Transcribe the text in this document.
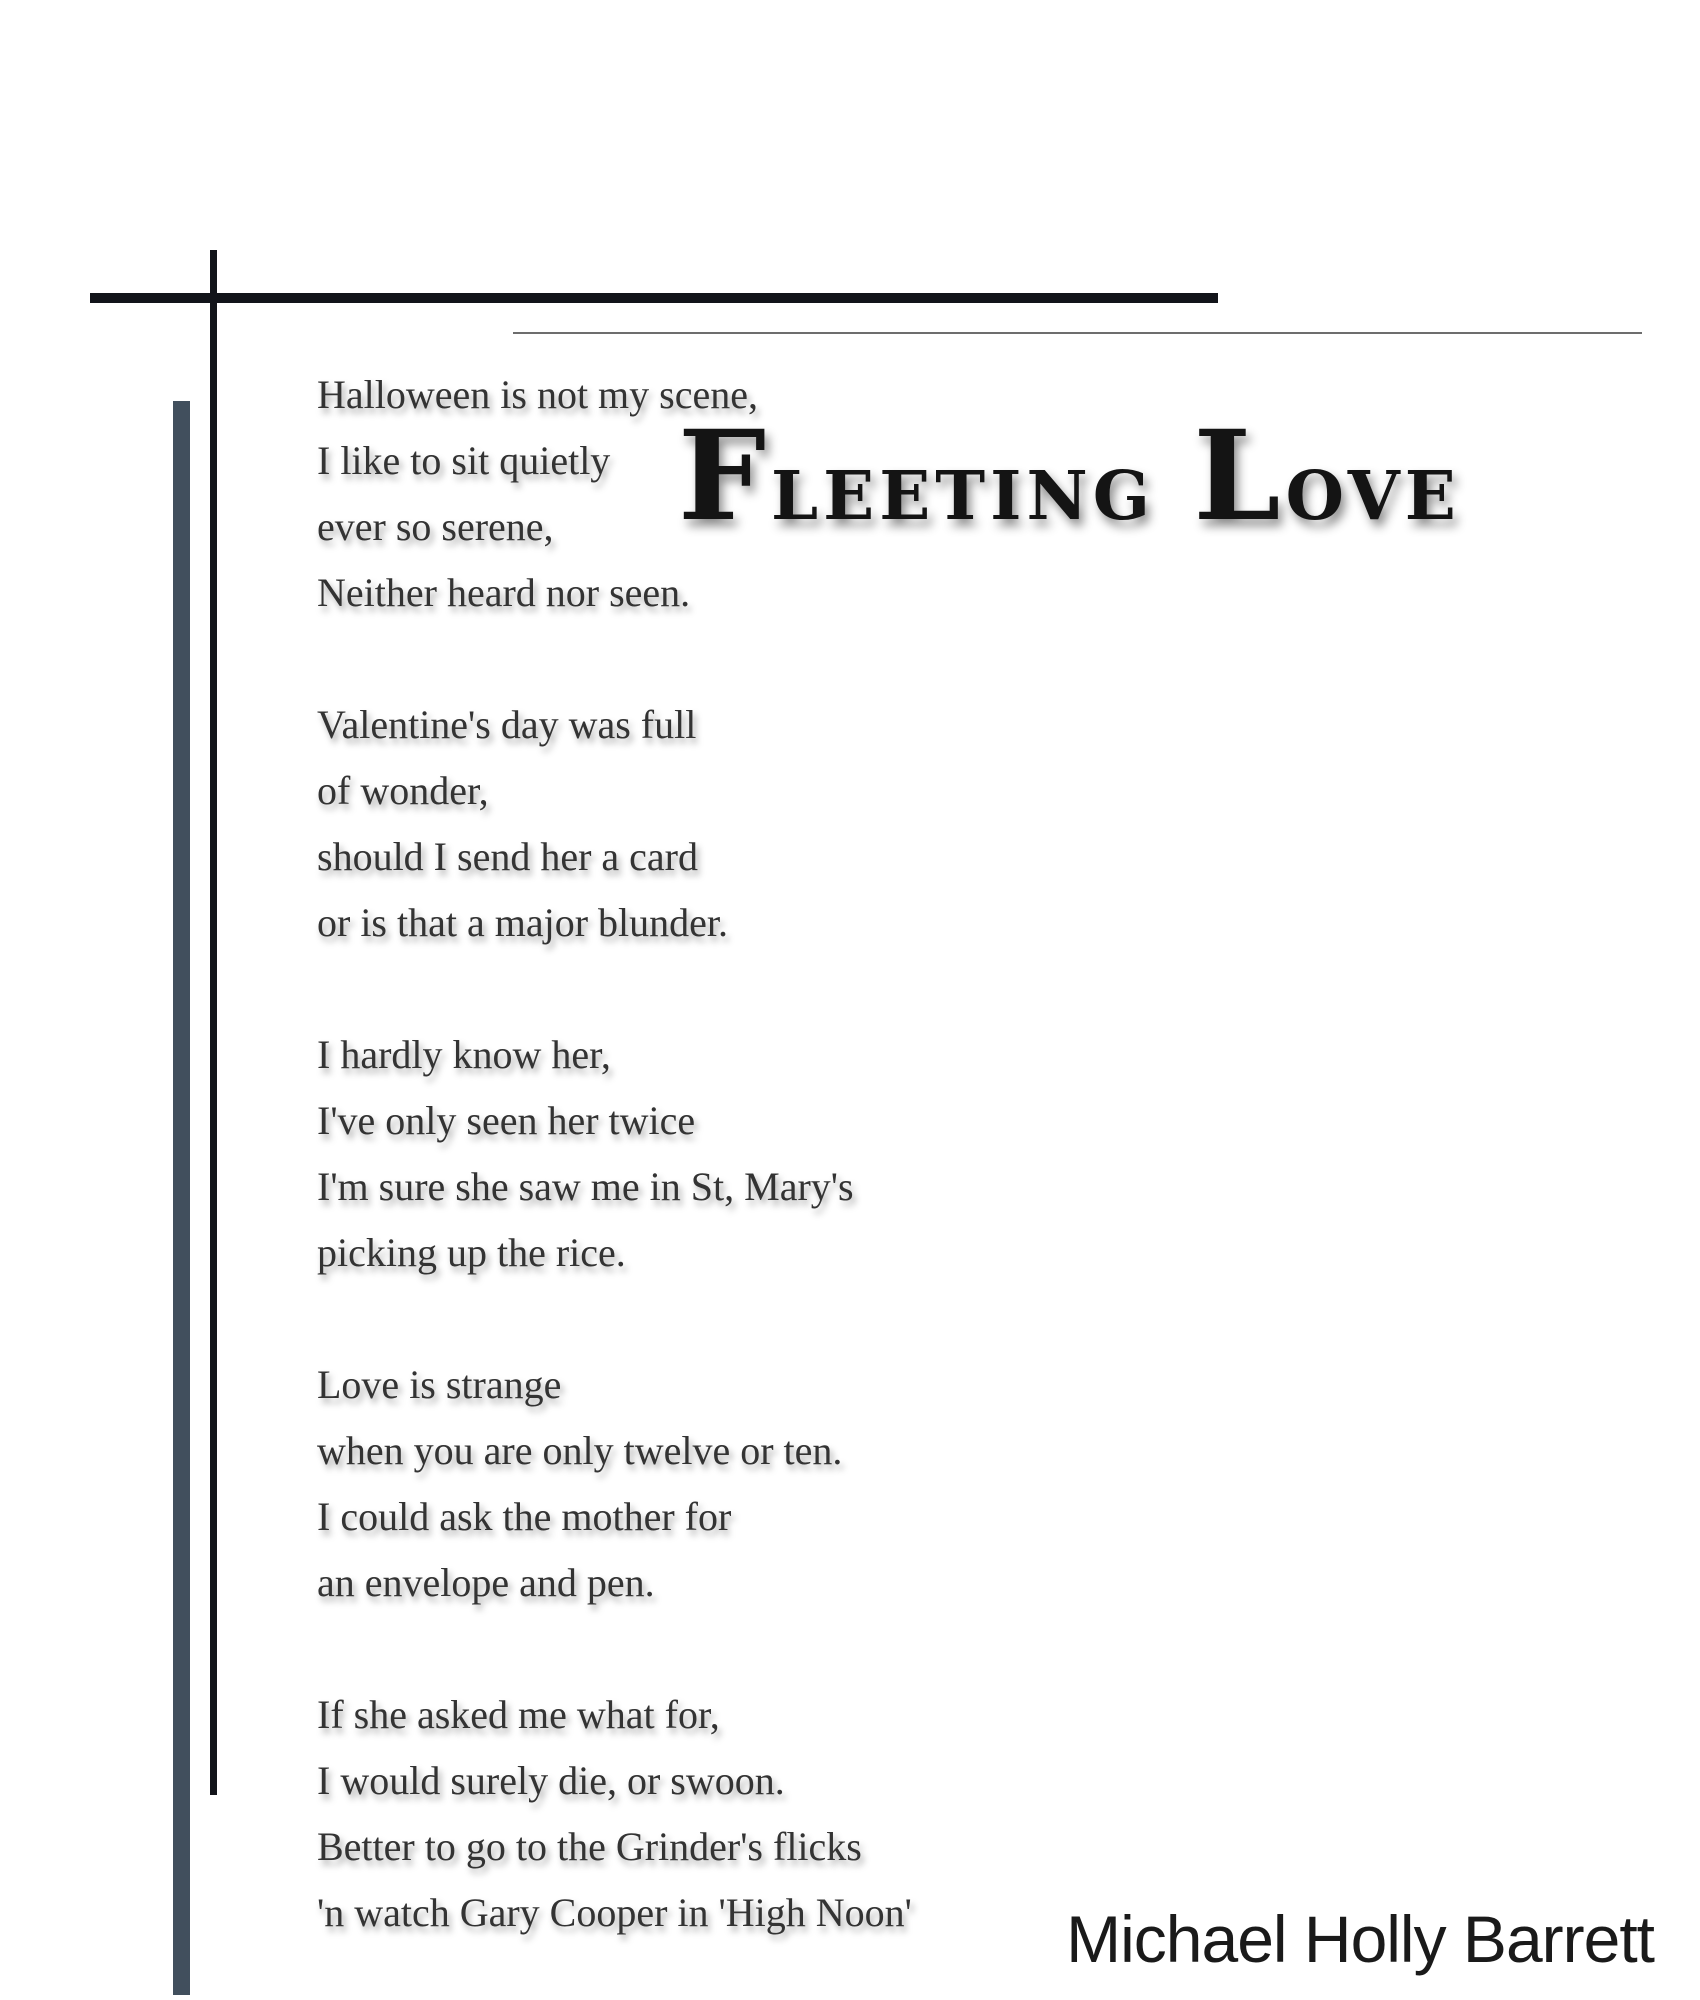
Fleeting Love
Halloween is not my scene,
I like to sit quietly
ever so serene,
Neither heard nor seen.
Valentine's day was full
of wonder,
should I send her a card
or is that a major blunder.
I hardly know her,
I've only seen her twice
I'm sure she saw me in St, Mary's
picking up the rice.
Love is strange
when you are only twelve or ten.
I could ask the mother for
an envelope and pen.
If she asked me what for,
I would surely die, or swoon.
Better to go to the Grinder's flicks
'n watch Gary Cooper in 'High Noon' Michael Holly Barrett
